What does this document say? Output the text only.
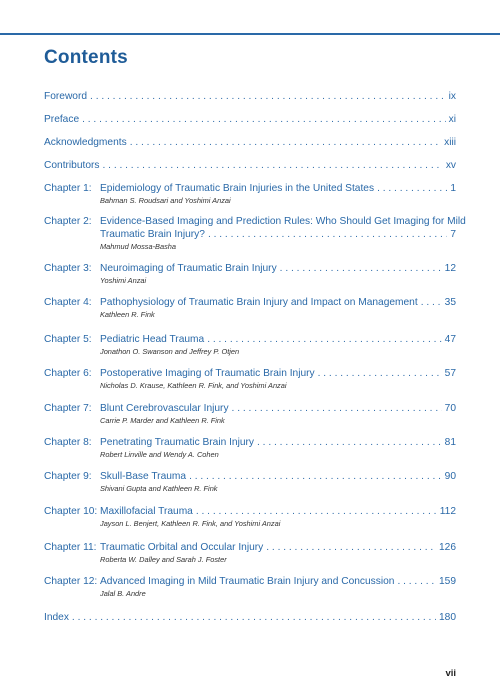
Contents
Foreword . . .	ix
Preface . . .	xi
Acknowledgments . . .	xiii
Contributors . . .	xv
Chapter 1: Epidemiology of Traumatic Brain Injuries in the United States . . .	1
Bahman S. Roudsari and Yoshimi Anzai
Chapter 2: Evidence-Based Imaging and Prediction Rules: Who Should Get Imaging for Mild
Traumatic Brain Injury? . . .	7
Mahmud Mossa-Basha
Chapter 3: Neuroimaging of Traumatic Brain Injury . . .	12
Yoshimi Anzai
Chapter 4: Pathophysiology of Traumatic Brain Injury and Impact on Management . . .	35
Kathleen R. Fink
Chapter 5: Pediatric Head Trauma . . .	47
Jonathon O. Swanson and Jeffrey P. Otjen
Chapter 6: Postoperative Imaging of Traumatic Brain Injury . . .	57
Nicholas D. Krause, Kathleen R. Fink, and Yoshimi Anzai
Chapter 7: Blunt Cerebrovascular Injury . . .	70
Carrie P. Marder and Kathleen R. Fink
Chapter 8: Penetrating Traumatic Brain Injury . . .	81
Robert Linville and Wendy A. Cohen
Chapter 9: Skull-Base Trauma . . .	90
Shivani Gupta and Kathleen R. Fink
Chapter 10: Maxillofacial Trauma . . .	112
Jayson L. Benjert, Kathleen R. Fink, and Yoshimi Anzai
Chapter 11: Traumatic Orbital and Occular Injury . . .	126
Roberta W. Dalley and Sarah J. Foster
Chapter 12: Advanced Imaging in Mild Traumatic Brain Injury and Concussion . . .	159
Jalal B. Andre
Index . . .	180
vii
